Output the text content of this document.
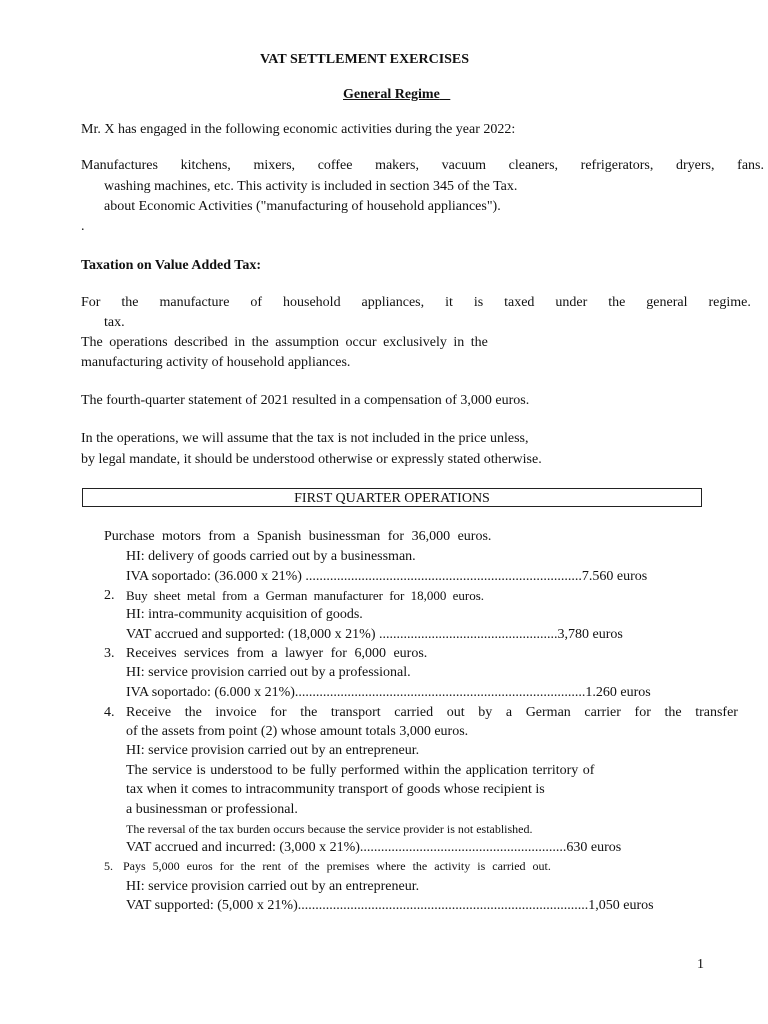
VAT SETTLEMENT EXERCISES
General Regime
Mr. X has engaged in the following economic activities during the year 2022:
Manufactures kitchens, mixers, coffee makers, vacuum cleaners, refrigerators, dryers, fans.
washing machines, etc. This activity is included in section 345 of the Tax.
about Economic Activities ("manufacturing of household appliances").
.
Taxation on Value Added Tax:
For the manufacture of household appliances, it is taxed under the general regime.
tax.
The operations described in the assumption occur exclusively in the
manufacturing activity of household appliances.
The fourth-quarter statement of 2021 resulted in a compensation of 3,000 euros.
In the operations, we will assume that the tax is not included in the price unless,
by legal mandate, it should be understood otherwise or expressly stated otherwise.
FIRST QUARTER OPERATIONS
Purchase motors from a Spanish businessman for 36,000 euros.
HI: delivery of goods carried out by a businessman.
IVA soportado: (36.000 x 21%) ...............................................................................7.560 euros
2. Buy sheet metal from a German manufacturer for 18,000 euros.
HI: intra-community acquisition of goods.
VAT accrued and supported: (18,000 x 21%) ...................................................3,780 euros
3. Receives services from a lawyer for 6,000 euros.
HI: service provision carried out by a professional.
IVA soportado: (6.000 x 21%)...................................................................................1.260 euros
4. Receive the invoice for the transport carried out by a German carrier for the transfer
of the assets from point (2) whose amount totals 3,000 euros.
HI: service provision carried out by an entrepreneur.
The service is understood to be fully performed within the application territory of
tax when it comes to intracommunity transport of goods whose recipient is
a businessman or professional.
The reversal of the tax burden occurs because the service provider is not established.
VAT accrued and incurred: (3,000 x 21%)...........................................................630 euros
5. Pays 5,000 euros for the rent of the premises where the activity is carried out.
HI: service provision carried out by an entrepreneur.
VAT supported: (5,000 x 21%)...................................................................................1,050 euros
1
